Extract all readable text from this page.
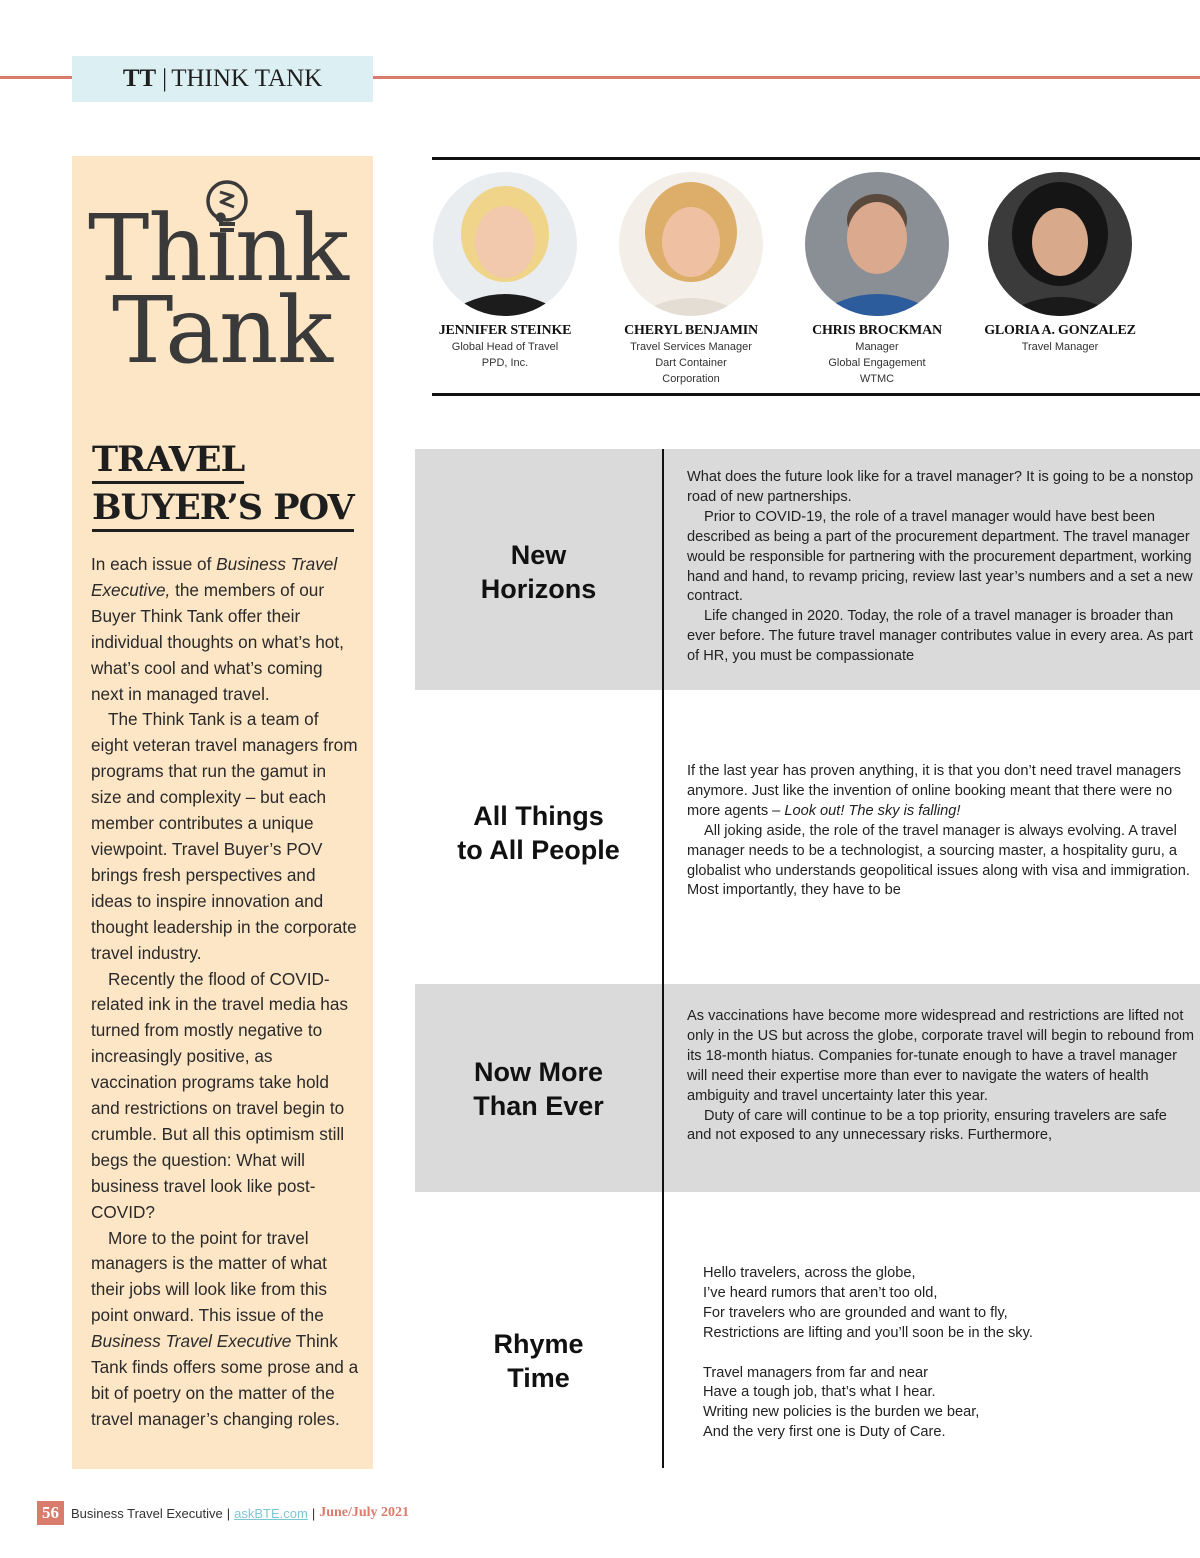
TT | THINK TANK
Think
Tank
TRAVEL
BUYER’S POV

In each issue of Business Travel Executive, the members of our Buyer Think Tank offer their individual thoughts on what’s hot, what’s cool and what’s coming next in managed travel.

The Think Tank is a team of eight veteran travel managers from programs that run the gamut in size and complexity – but each member contributes a unique viewpoint. Travel Buyer’s POV brings fresh perspectives and ideas to inspire innovation and thought leadership in the corporate travel industry.

Recently the flood of COVID-related ink in the travel media has turned from mostly negative to increasingly positive, as vaccination programs take hold and restrictions on travel begin to crumble. But all this optimism still begs the question: What will business travel look like post-COVID?

More to the point for travel managers is the matter of what their jobs will look like from this point onward. This issue of the Business Travel Executive Think Tank finds offers some prose and a bit of poetry on the matter of the travel manager’s changing roles.

JENNIFER STEINKE
Global Head of Travel
PPD, Inc.
CHERYL BENJAMIN
Travel Services Manager
Dart Container
Corporation
CHRIS BROCKMAN
Manager
Global Engagement
WTMC
GLORIA A. GONZALEZ
Travel Manager
New
Horizons

What does the future look like for a travel manager? It is going to be a nonstop road of new partnerships.

Prior to COVID-19, the role of a travel manager would have best been described as being a part of the procurement department. The travel manager would be responsible for partnering with the procurement department, working hand and hand, to revamp pricing, review last year’s numbers and a set a new contract.

Life changed in 2020. Today, the role of a travel manager is broader than ever before. The future travel manager contributes value in every area. As part of HR, you must be compassionate

All Things
to All People

If the last year has proven anything, it is that you don’t need travel managers anymore. Just like the invention of online booking meant that there were no more agents – Look out! The sky is falling!

All joking aside, the role of the travel manager is always evolving. A travel manager needs to be a technologist, a sourcing master, a hospitality guru, a globalist who understands geopolitical issues along with visa and immigration. Most importantly, they have to be

Now More
Than Ever

As vaccinations have become more widespread and restrictions are lifted not only in the US but across the globe, corporate travel will begin to rebound from its 18-month hiatus. Companies for-tunate enough to have a travel manager will need their expertise more than ever to navigate the waters of health ambiguity and travel uncertainty later this year.

Duty of care will continue to be a top priority, ensuring travelers are safe and not exposed to any unnecessary risks. Furthermore,

Rhyme
Time
Hello travelers, across the globe,
I’ve heard rumors that aren’t too old,
For travelers who are grounded and want to fly,
Restrictions are lifting and you’ll soon be in the sky.
Travel managers from far and near
Have a tough job, that’s what I hear.
Writing new policies is the burden we bear,
And the very first one is Duty of Care.
56 Business Travel Executive | askBTE.com | June/July 2021
